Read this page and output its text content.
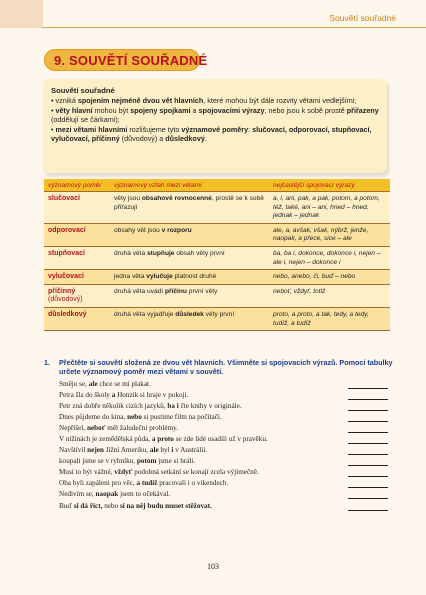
Souvětí souřadné
9. SOUVĚTÍ SOUŘADNÉ
Souvětí souřadné
• vzniká spojením nejméně dvou vět hlavních, které mohou být dále rozvity větami vedlejšími;
• věty hlavní mohou být spojeny spojkami a spojovacími výrazy, nebo jsou k sobě prostě přiřazeny (oddělují se čárkami);
• mezi větami hlavními rozlišujeme tyto významové poměry: slučovací, odporovací, stupňovací, vylučovací, příčinný (důvodový) a důsledkový.
významový poměr	významový vztah mezi větami	nejčastější spojovací výrazy

slučovací	věty jsou obsahově rovnocenné, prostě se k sobě přiřazují	a, i, ani, pak, a pak, potom, a potom, též, také, ani – ani, hned – hned, jednak – jednak

odporovací	obsahy vět jsou v rozporu	ale, a, avšak, však, nýbrž, jenže, naopak, a přece, sice – ale

stupňovací	druhá věta stupňuje obsah věty první	ba, ba i, dokonce, dokonce i, nejen – ale i, nejen – dokonce i

vylučovací	jedna věta vylučuje platnost druhé	nebo, anebo, či, buď – nebo

příčinný
(důvodový)	druhá věta uvádí příčinu první věty	neboť, vždyť, totiž

důsledkový	druhá věta vyjadřuje důsledek věty první	proto, a proto, a tak, tedy, a tedy, tudíž, a tudíž
1. Přečtěte si souvětí složená ze dvou vět hlavních. Všimněte si spojovacích výrazů. Pomocí tabulky určete významový poměr mezi větami v souvětí.
Směju se, ale chce se mi plakat.
Petra šla do školy a Honzik si hraje v pokoji.
Petr zná dobře několik cizích jazyků, ba i čte knihy v originále.
Dnes půjdeme do kina, nebo si pustime film na počítači.
Nepřišel, neboť měl žaludeční problémy.
V nížinách je zemědělská půda, a proto se zde lidé usadili už v pravěku.
Navštívil nejen Jižní Ameriku, ale byl i v Austrálii.
koupali jsme se v rybníku, potom jsme si hráli.
Musí to být vážné, vždyť podobná setkání se konají zcela výjimečně.
Oba byli zapáleni pro věc, a tudíž pracovali i o víkendech.
Nedivím se, naopak jsem to očekával.
Buď si dá říct, nebo si na něj budu muset stěžovat.
103
